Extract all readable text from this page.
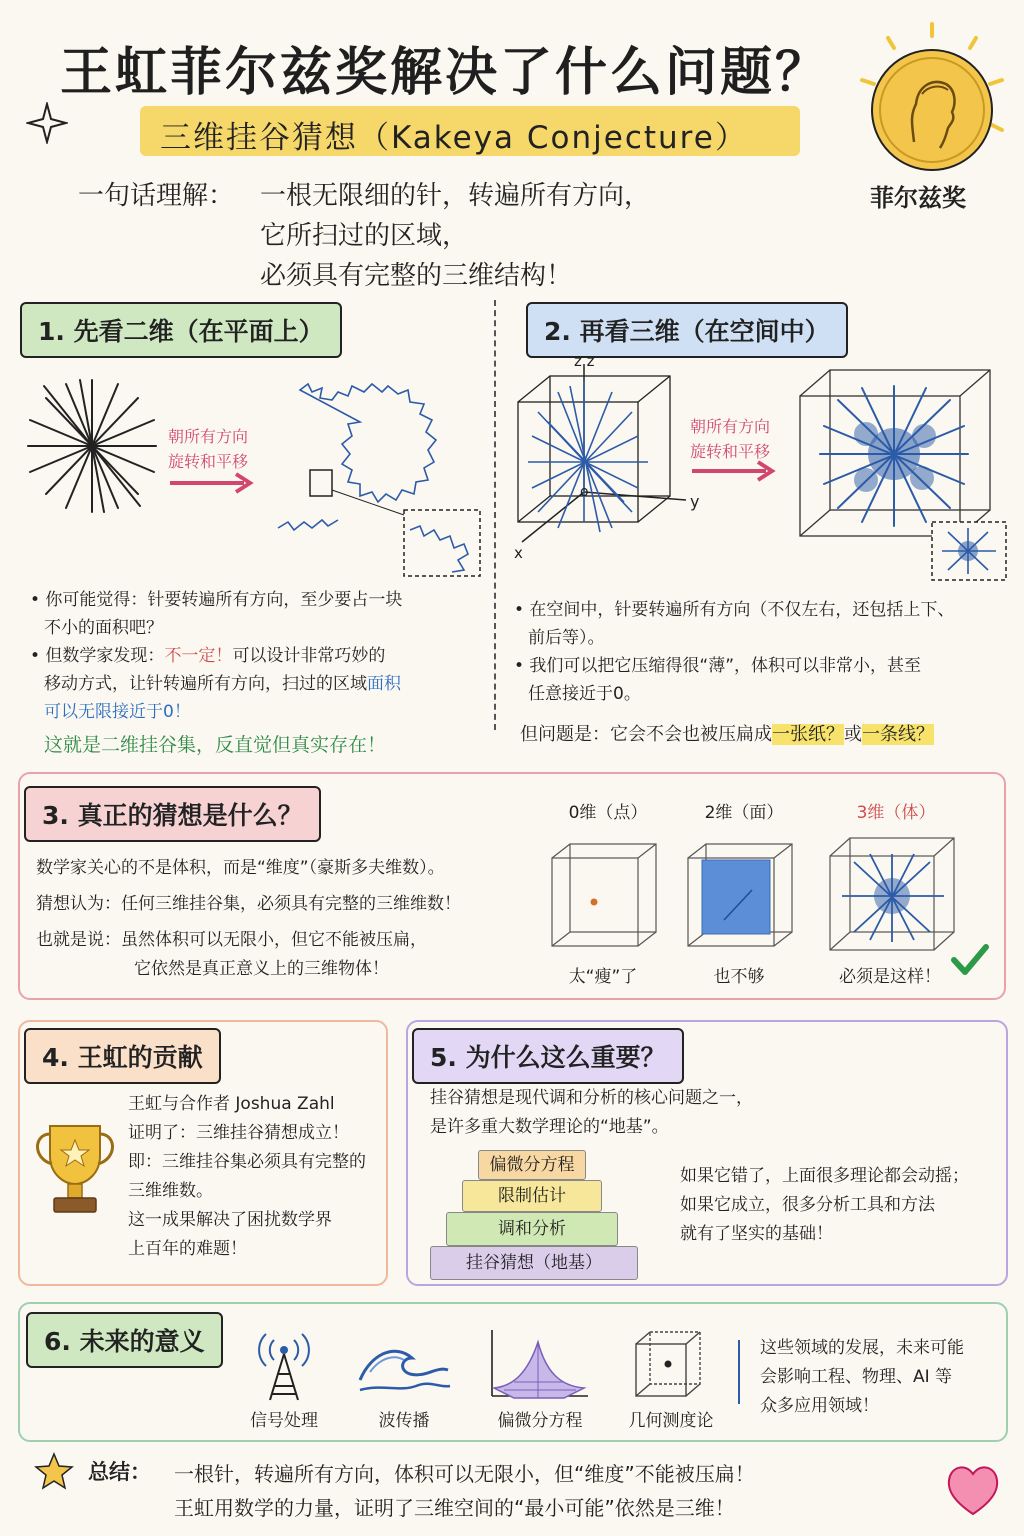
王虹菲尔兹奖解决了什么问题？
三维挂谷猜想（Kakeya Conjecture）
菲尔兹奖
一句话理解： 一根无限细的针，转遍所有方向，
它所扫过的区域，
必须具有完整的三维结构！
1. 先看二维（在平面上）
朝所有方向
旋转和平移
• 你可能觉得：针要转遍所有方向，至少要占一块
不小的面积吧？
• 但数学家发现：不一定！可以设计非常巧妙的
移动方式，让针转遍所有方向，扫过的区域面积
可以无限接近于0！
这就是二维挂谷集，反直觉但真实存在！
2. 再看三维（在空间中）
z z
y
x
o
朝所有方向
旋转和平移
• 在空间中，针要转遍所有方向（不仅左右，还包括上下、
前后等）。
• 我们可以把它压缩得很“薄”，体积可以非常小，甚至
任意接近于0。
但问题是：它会不会也被压扁成一张纸？或一条线？
3. 真正的猜想是什么？
数学家关心的不是体积，而是“维度”（豪斯多夫维数）。
猜想认为：任何三维挂谷集，必须具有完整的三维维数！
也就是说：虽然体积可以无限小，但它不能被压扁，
它依然是真正意义上的三维物体！
0维（点）	2维（面）	3维（体）
太“瘦”了	也不够	必须是这样！
4. 王虹的贡献
王虹与合作者 Joshua Zahl
证明了：三维挂谷猜想成立！
即：三维挂谷集必须具有完整的
三维维数。
这一成果解决了困扰数学界
上百年的难题！
5. 为什么这么重要？
挂谷猜想是现代调和分析的核心问题之一，
是许多重大数学理论的“地基”。
偏微分方程
限制估计
调和分析
挂谷猜想（地基）
如果它错了，上面很多理论都会动摇；
如果它成立，很多分析工具和方法
就有了坚实的基础！
6. 未来的意义
信号处理	波传播	偏微分方程	几何测度论
这些领域的发展，未来可能
会影响工程、物理、AI 等
众多应用领域！
总结： 一根针，转遍所有方向，体积可以无限小，但“维度”不能被压扁！
王虹用数学的力量，证明了三维空间的“最小可能”依然是三维！
